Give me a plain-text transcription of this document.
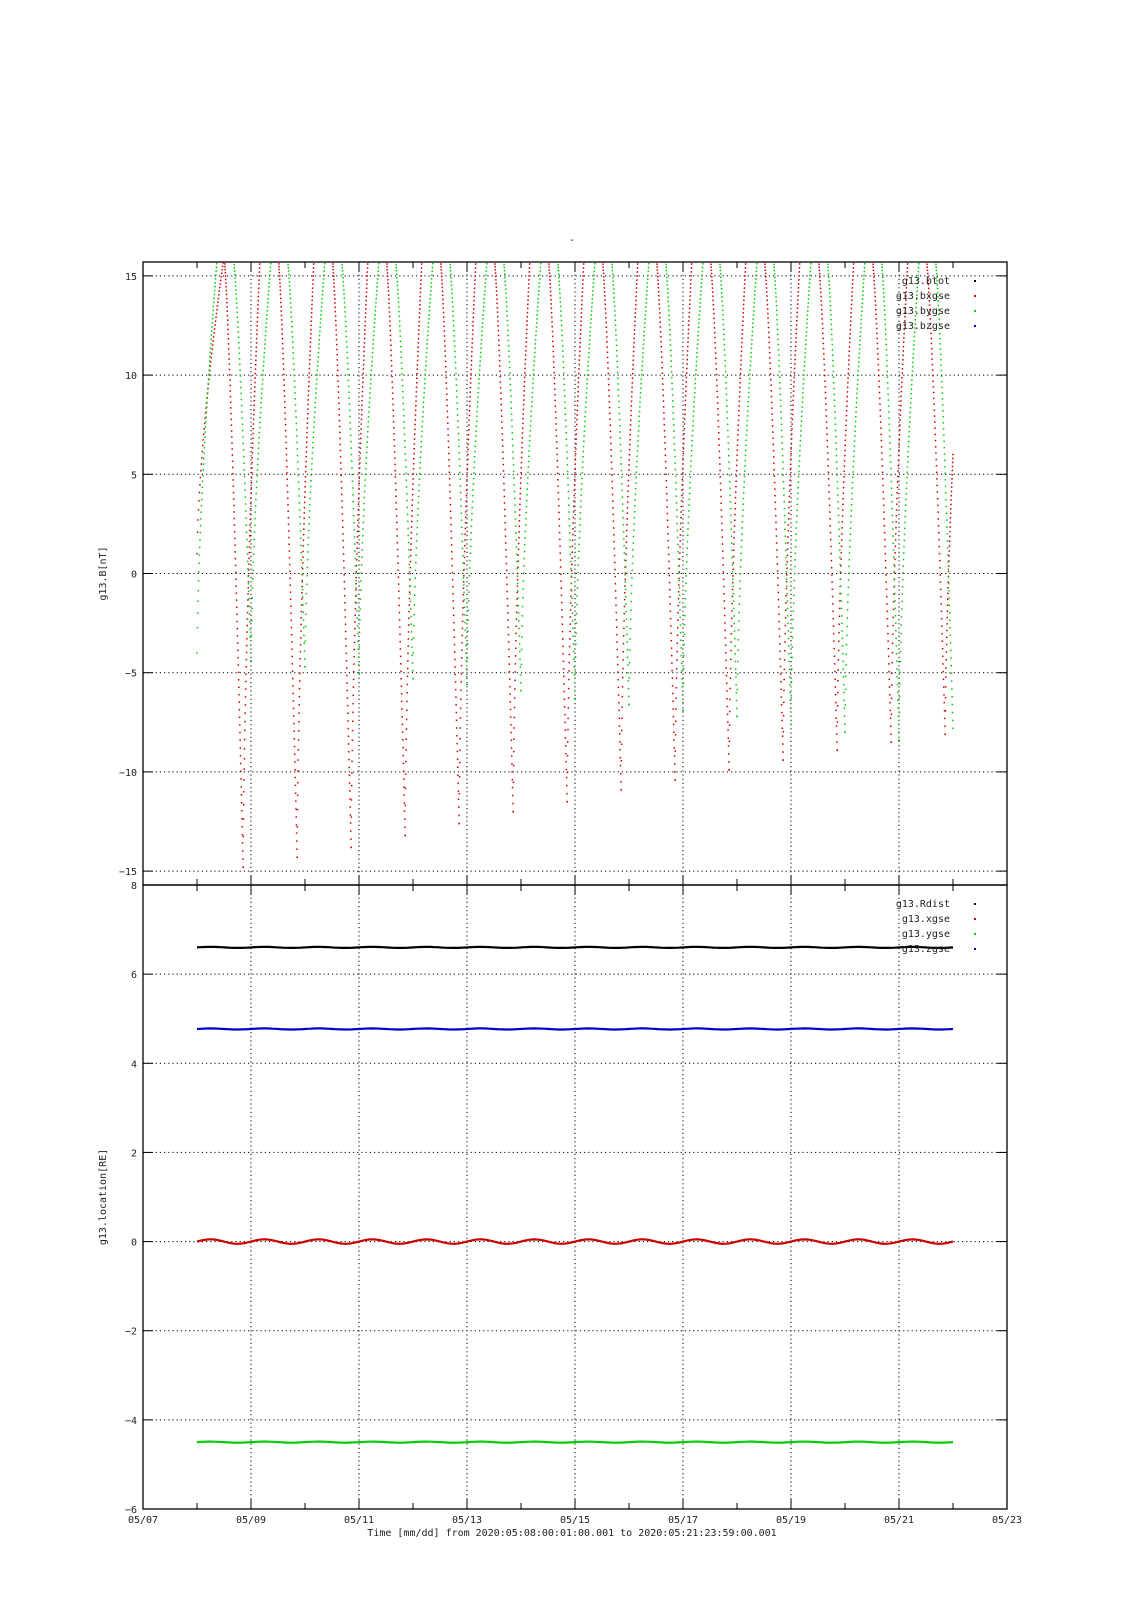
-
−15
−10
−5
0
5
10
15
g13.B[nT]
g13.btot
g13.bxgse
g13.bygse
g13.bzgse
−6
−4
−2
0
2
4
6
8
g13.location[RE]
g13.Rdist
g13.xgse
g13.ygse
g13.zgse
05/07	05/09	05/11	05/13	05/15	05/17	05/19	05/21	05/23
Time [mm/dd] from 2020:05:08:00:01:00.001 to 2020:05:21:23:59:00.001
